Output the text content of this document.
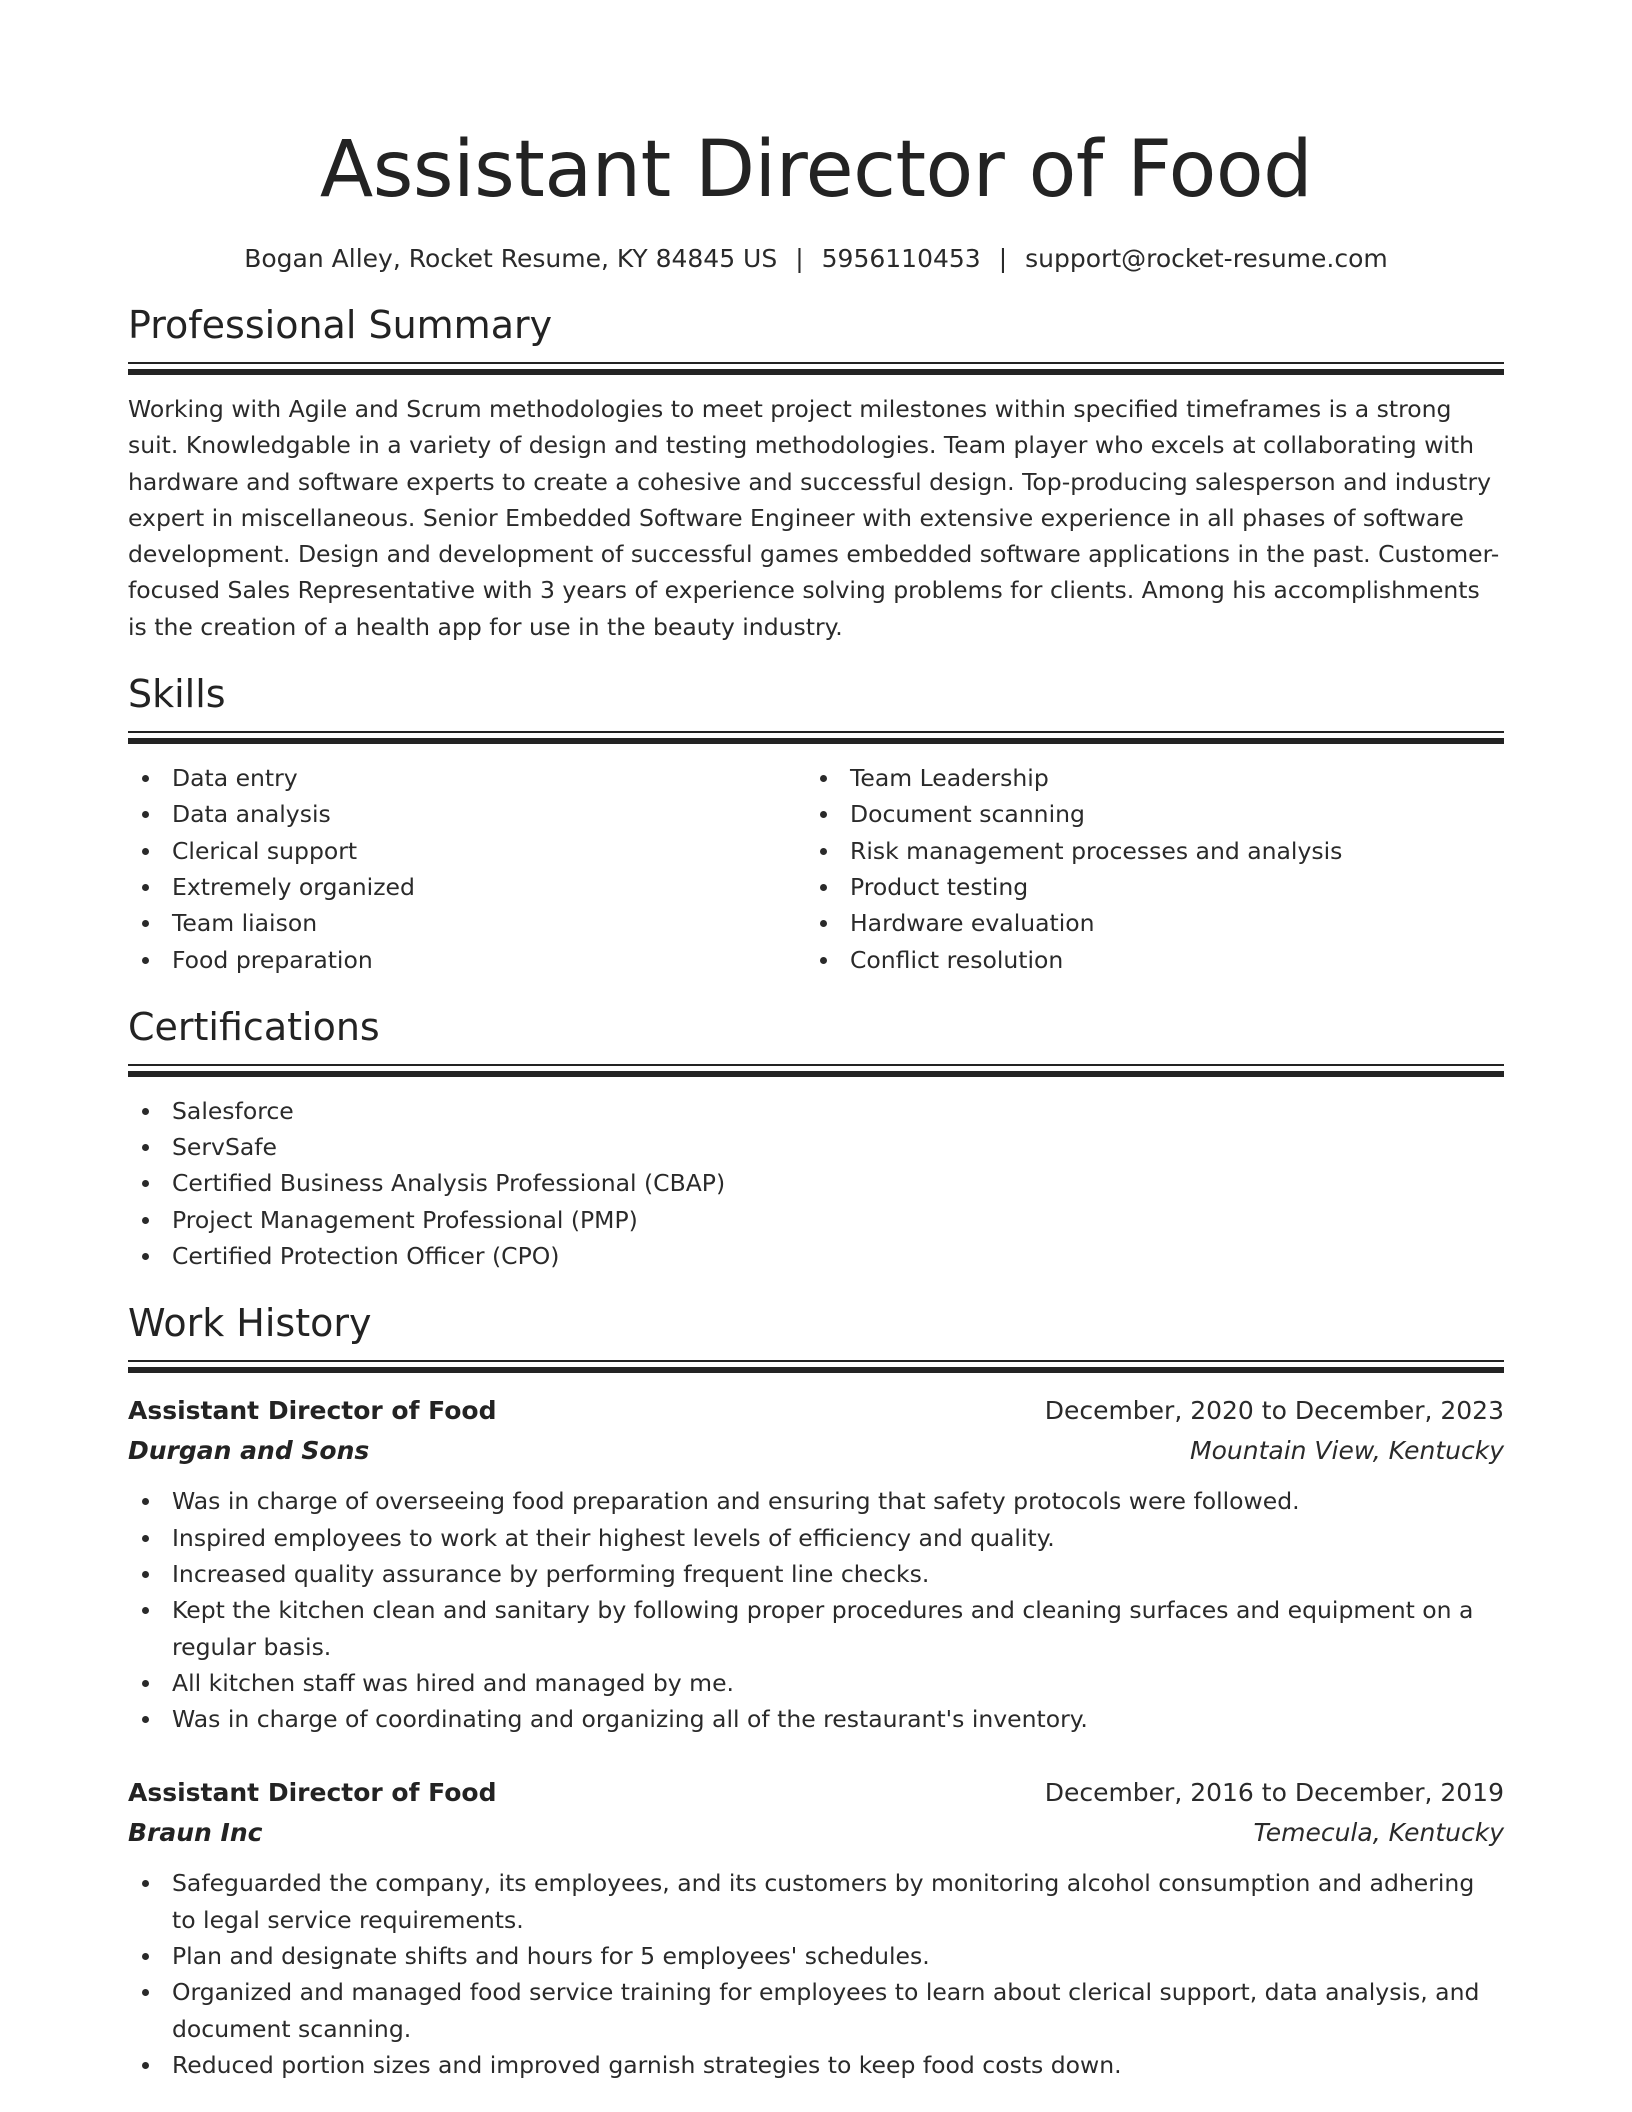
Assistant Director of Food
Bogan Alley, Rocket Resume, KY 84845 US | 5956110453 | support@rocket-resume.com
Professional Summary

Working with Agile and Scrum methodologies to meet project milestones within specified timeframes is a strong suit. Knowledgable in a variety of design and testing methodologies. Team player who excels at collaborating with hardware and software experts to create a cohesive and successful design. Top-producing salesperson and industry expert in miscellaneous. Senior Embedded Software Engineer with extensive experience in all phases of software development. Design and development of successful games embedded software applications in the past. Customer-focused Sales Representative with 3 years of experience solving problems for clients. Among his accomplishments is the creation of a health app for use in the beauty industry.

Skills
Data entry
Data analysis
Clerical support
Extremely organized
Team liaison
Food preparation
Team Leadership
Document scanning
Risk management processes and analysis
Product testing
Hardware evaluation
Conflict resolution
Certifications
Salesforce
ServSafe
Certified Business Analysis Professional (CBAP)
Project Management Professional (PMP)
Certified Protection Officer (CPO)
Work History
Assistant Director of Food	December, 2020 to December, 2023
Durgan and Sons	Mountain View, Kentucky
Was in charge of overseeing food preparation and ensuring that safety protocols were followed.
Inspired employees to work at their highest levels of efficiency and quality.
Increased quality assurance by performing frequent line checks.
Kept the kitchen clean and sanitary by following proper procedures and cleaning surfaces and equipment on a regular basis.
All kitchen staff was hired and managed by me.
Was in charge of coordinating and organizing all of the restaurant's inventory.
Assistant Director of Food	December, 2016 to December, 2019
Braun Inc	Temecula, Kentucky
Safeguarded the company, its employees, and its customers by monitoring alcohol consumption and adhering to legal service requirements.
Plan and designate shifts and hours for 5 employees' schedules.
Organized and managed food service training for employees to learn about clerical support, data analysis, and document scanning.
Reduced portion sizes and improved garnish strategies to keep food costs down.
